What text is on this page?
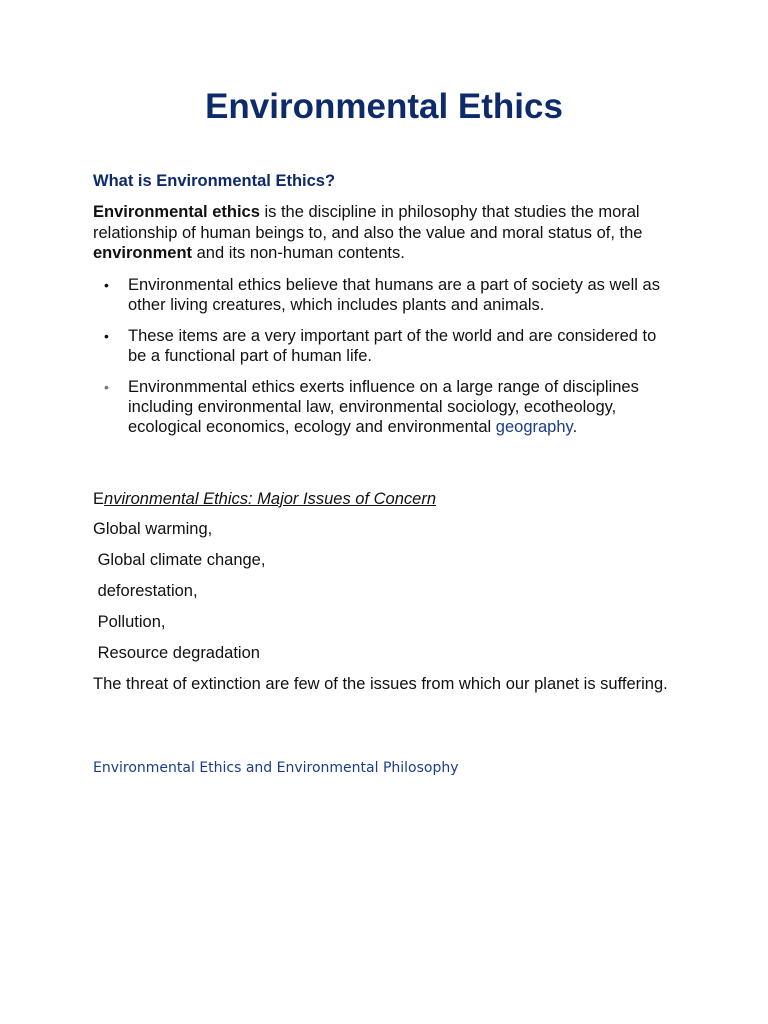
Environmental Ethics
What is Environmental Ethics?

Environmental ethics is the discipline in philosophy that studies the moral relationship of human beings to, and also the value and moral status of, the environment and its non-human contents.

• Environmental ethics believe that humans are a part of society as well as other living creatures, which includes plants and animals.
• These items are a very important part of the world and are considered to be a functional part of human life.
• Environmmental ethics exerts influence on a large range of disciplines including environmental law, environmental sociology, ecotheology, ecological economics, ecology and environmental geography.
Environmental Ethics: Major Issues of Concern
Global warming,
Global climate change,
deforestation,
Pollution,
Resource degradation

The threat of extinction are few of the issues from which our planet is suffering.

Environmental Ethics and Environmental Philosophy
